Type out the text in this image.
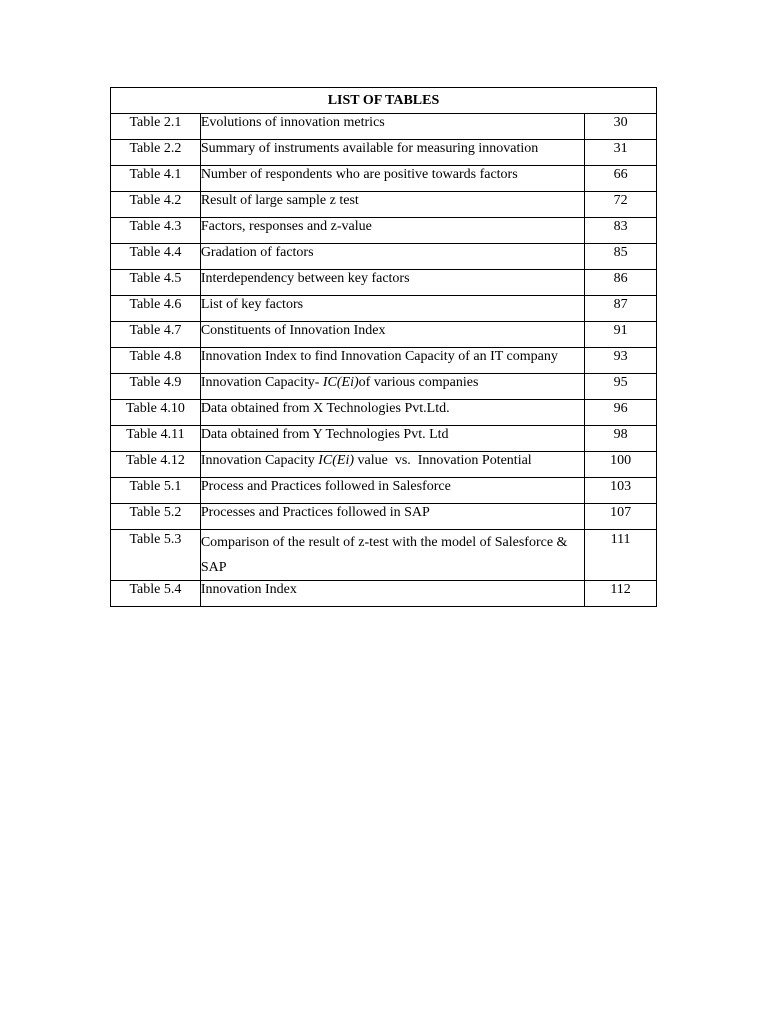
LIST OF TABLES		
Table 2.1	Evolutions of innovation metrics	30
Table 2.2	Summary of instruments available for measuring innovation	31
Table 4.1	Number of respondents who are positive towards factors	66
Table 4.2	Result of large sample z test	72
Table 4.3	Factors, responses and z-value	83
Table 4.4	Gradation of factors	85
Table 4.5	Interdependency between key factors	86
Table 4.6	List of key factors	87
Table 4.7	Constituents of Innovation Index	91
Table 4.8	Innovation Index to find Innovation Capacity of an IT company	93
Table 4.9	Innovation Capacity- IC(Ei)of various companies	95
Table 4.10	Data obtained from X Technologies Pvt.Ltd.	96
Table 4.11	Data obtained from Y Technologies Pvt. Ltd	98
Table 4.12	Innovation Capacity IC(Ei) value  vs.  Innovation Potential	100
Table 5.1	Process and Practices followed in Salesforce	103
Table 5.2	Processes and Practices followed in SAP	107
Table 5.3	Comparison of the result of z-test with the model of Salesforce & SAP	111
Table 5.4	Innovation Index	112
